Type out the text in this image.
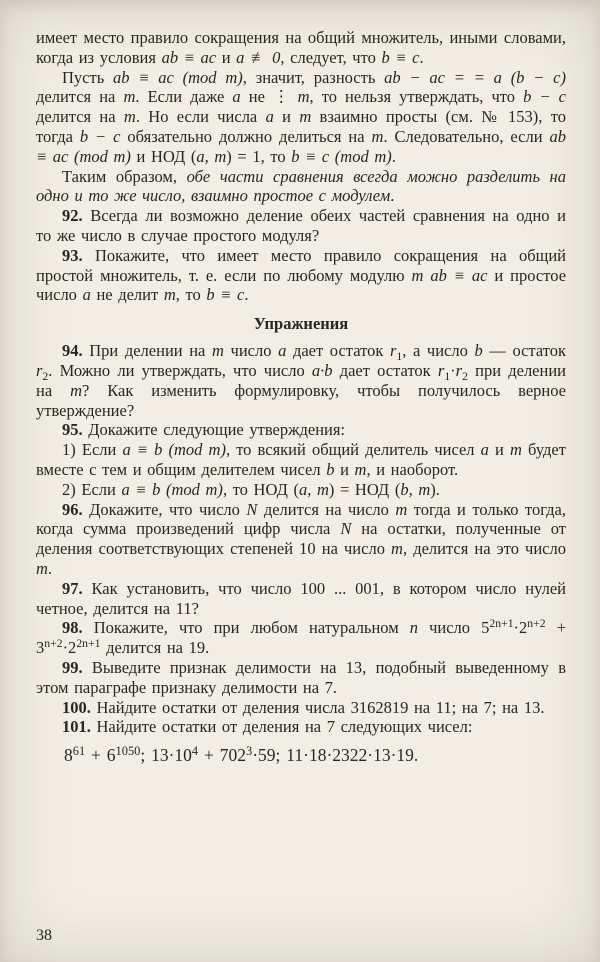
имеет место правило сокращения на общий множитель, иными словами, когда из условия ab ≡ ac и a ≢ 0, следует, что b ≡ c.

Пусть ab ≡ ac (mod m), значит, разность ab − ac = = a (b − c) делится на m. Если даже a не ⋮ m, то нельзя утверждать, что b − c делится на m. Но если числа a и m взаимно просты (см. № 153), то тогда b − c обязательно должно делиться на m. Следовательно, если ab ≡ ac (mod m) и НОД (a, m) = 1, то b ≡ c (mod m).

Таким образом, обе части сравнения всегда можно разделить на одно и то же число, взаимно простое с модулем.

92. Всегда ли возможно деление обеих частей сравнения на одно и то же число в случае простого модуля?

93. Покажите, что имеет место правило сокращения на общий простой множитель, т. е. если по любому модулю m ab ≡ ac и простое число a не делит m, то b ≡ c.

Упражнения

94. При делении на m число a дает остаток $r_1$, а число b — остаток $r_2$. Можно ли утверждать, что число a·b дает остаток $r_1\cdot r_2$ при делении на m? Как изменить формулировку, чтобы получилось верное утверждение?

95. Докажите следующие утверждения:

1) Если a ≡ b (mod m), то всякий общий делитель чисел a и m будет вместе с тем и общим делителем чисел b и m, и наоборот.

2) Если a ≡ b (mod m), то НОД (a, m) = НОД (b, m).

96. Докажите, что число N делится на число m тогда и только тогда, когда сумма произведений цифр числа N на остатки, полученные от деления соответствующих степеней 10 на число m, делится на это число m.

97. Как установить, что число 100 ... 001, в котором число нулей четное, делится на 11?

98. Покажите, что при любом натуральном n число $5^{2n+1}\cdot 2^{n+2} + 3^{n+2}\cdot 2^{2n+1}$ делится на 19.

99. Выведите признак делимости на 13, подобный выведенному в этом параграфе признаку делимости на 7.

100. Найдите остатки от деления числа 3162819 на 11; на 7; на 13.

101. Найдите остатки от деления на 7 следующих чисел:

$8^{61} + 6^{1050}$; $13\cdot 10^4 + 702^3\cdot 59$; 11·18·2322·13·19.

38
